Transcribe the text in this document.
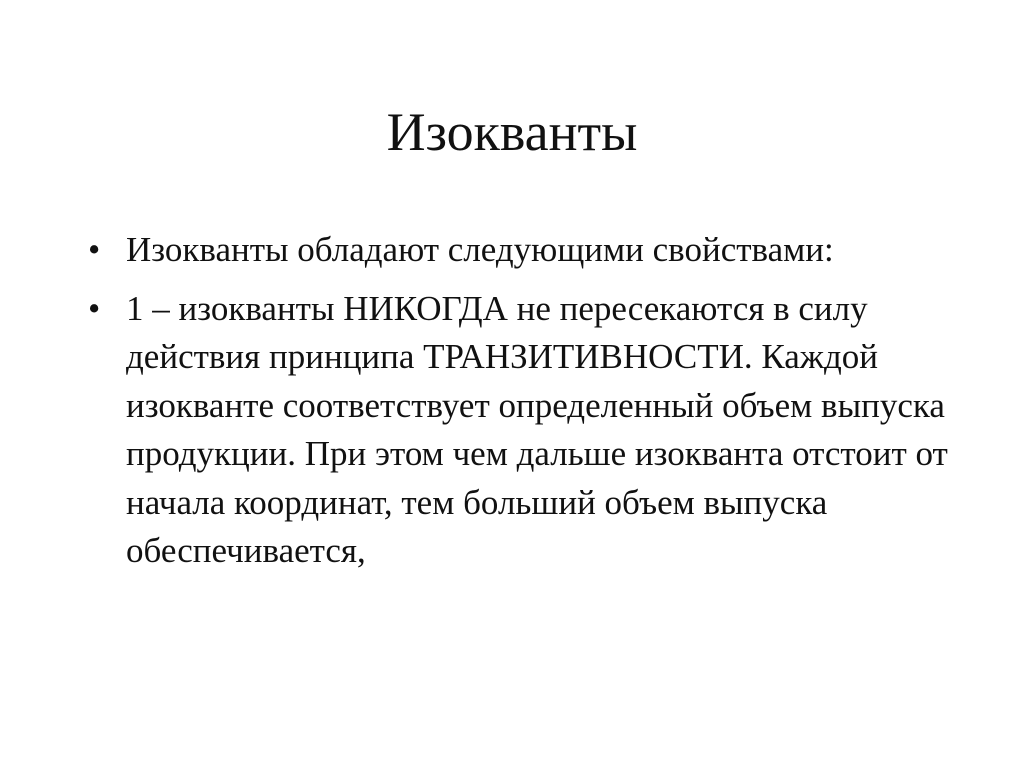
Изокванты
• Изокванты обладают следующими свойствами:
• 1 – изокванты НИКОГДА не пересекаются в силу действия принципа ТРАНЗИТИВНОСТИ. Каждой изокванте соответствует определенный объем выпуска продукции. При этом чем дальше изокванта отстоит от начала координат, тем больший объем выпуска обеспечивается,
